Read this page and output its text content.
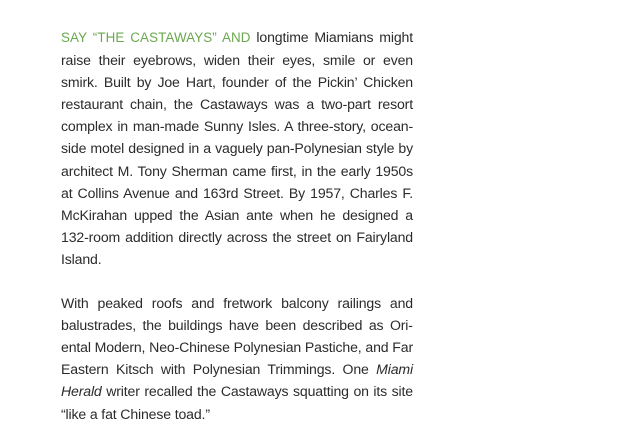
SAY “THE CASTAWAYS” AND longtime Miamians might raise their eyebrows, widen their eyes, smile or even smirk. Built by Joe Hart, founder of the Pickin’ Chicken restaurant chain, the Castaways was a two-part resort complex in man-made Sunny Isles. A three-story, ocean-side motel designed in a vaguely pan-Polynesian style by architect M. Tony Sherman came first, in the early 1950s at Collins Avenue and 163rd Street. By 1957, Charles F. McKirahan upped the Asian ante when he designed a 132-room addition directly across the street on Fairyland Island.

With peaked roofs and fretwork balcony railings and balustrades, the buildings have been described as Oriental Modern, Neo-Chinese Polynesian Pastiche, and Far Eastern Kitsch with Polynesian Trimmings. One Miami Herald writer recalled the Castaways squatting on its site “like a fat Chinese toad.”
